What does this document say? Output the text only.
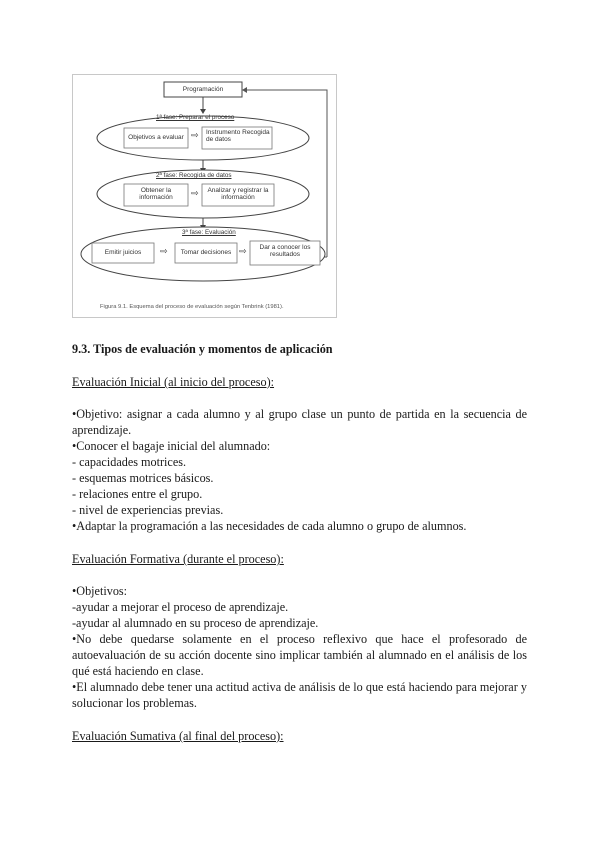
Programación
1ª fase: Preparar el proceso
Objetivos a evaluar ⇨ Instrumento Recogida de datos
2ª fase: Recogida de datos
Obtener la información	⇨	Analizar y registrar la información
3ª fase: Evaluación
Emitir juicios	⇨	Tomar decisiones ⇨	Dar a conocer los resultados
Figura 9.1. Esquema del proceso de evaluación según Tenbrink (1981).
9.3. Tipos de evaluación y momentos de aplicación
Evaluación Inicial (al inicio del proceso):
•Objetivo: asignar a cada alumno y al grupo clase un punto de partida en la secuencia de aprendizaje.
•Conocer el bagaje inicial del alumnado:
- capacidades motrices.
- esquemas motrices básicos.
- relaciones entre el grupo.
- nivel de experiencias previas.
•Adaptar la programación a las necesidades de cada alumno o grupo de alumnos.
Evaluación Formativa (durante el proceso):
•Objetivos:
-ayudar a mejorar el proceso de aprendizaje.
-ayudar al alumnado en su proceso de aprendizaje.
•No debe quedarse solamente en el proceso reflexivo que hace el profesorado de autoevaluación de su acción docente sino implicar también al alumnado en el análisis de los qué está haciendo en clase.
•El alumnado debe tener una actitud activa de análisis de lo que está haciendo para mejorar y solucionar los problemas.
Evaluación Sumativa (al final del proceso):
